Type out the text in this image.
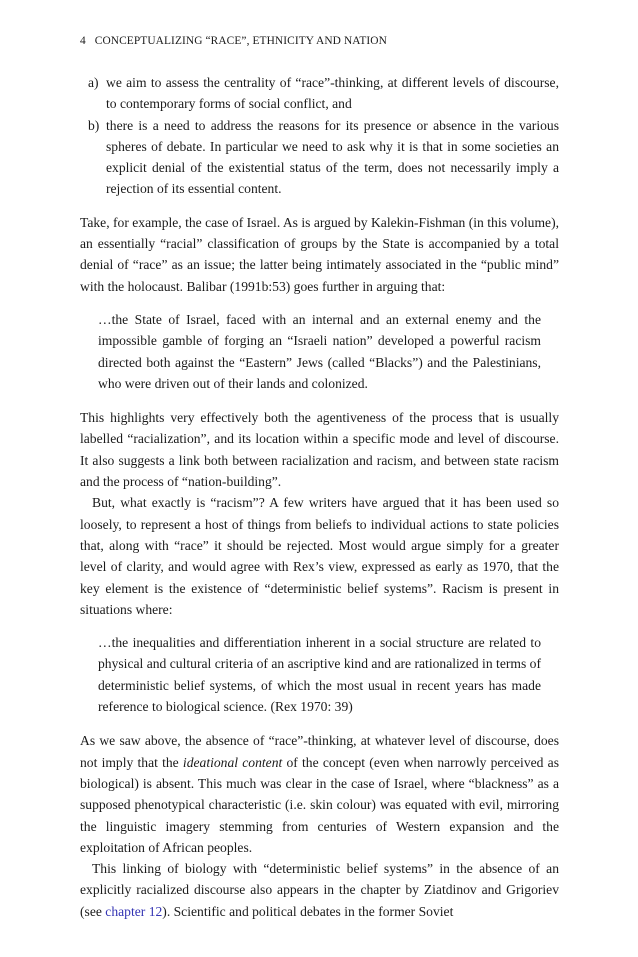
4 CONCEPTUALIZING “RACE”, ETHNICITY AND NATION
a) we aim to assess the centrality of “race”-thinking, at different levels of discourse, to contemporary forms of social conflict, and
b) there is a need to address the reasons for its presence or absence in the various spheres of debate. In particular we need to ask why it is that in some societies an explicit denial of the existential status of the term, does not necessarily imply a rejection of its essential content.

Take, for example, the case of Israel. As is argued by Kalekin-Fishman (in this volume), an essentially “racial” classification of groups by the State is accompanied by a total denial of “race” as an issue; the latter being intimately associated in the “public mind” with the holocaust. Balibar (1991b:53) goes further in arguing that:

…the State of Israel, faced with an internal and an external enemy and the impossible gamble of forging an “Israeli nation” developed a powerful racism directed both against the “Eastern” Jews (called “Blacks”) and the Palestinians, who were driven out of their lands and colonized.

This highlights very effectively both the agentiveness of the process that is usually labelled “racialization”, and its location within a specific mode and level of discourse. It also suggests a link both between racialization and racism, and between state racism and the process of “nation-building”.

But, what exactly is “racism”? A few writers have argued that it has been used so loosely, to represent a host of things from beliefs to individual actions to state policies that, along with “race” it should be rejected. Most would argue simply for a greater level of clarity, and would agree with Rex’s view, expressed as early as 1970, that the key element is the existence of “deterministic belief systems”. Racism is present in situations where:

…the inequalities and differentiation inherent in a social structure are related to physical and cultural criteria of an ascriptive kind and are rationalized in terms of deterministic belief systems, of which the most usual in recent years has made reference to biological science. (Rex 1970: 39)

As we saw above, the absence of “race”-thinking, at whatever level of discourse, does not imply that the ideational content of the concept (even when narrowly perceived as biological) is absent. This much was clear in the case of Israel, where “blackness” as a supposed phenotypical characteristic (i.e. skin colour) was equated with evil, mirroring the linguistic imagery stemming from centuries of Western expansion and the exploitation of African peoples.

This linking of biology with “deterministic belief systems” in the absence of an explicitly racialized discourse also appears in the chapter by Ziatdinov and Grigoriev (see chapter 12). Scientific and political debates in the former Soviet
